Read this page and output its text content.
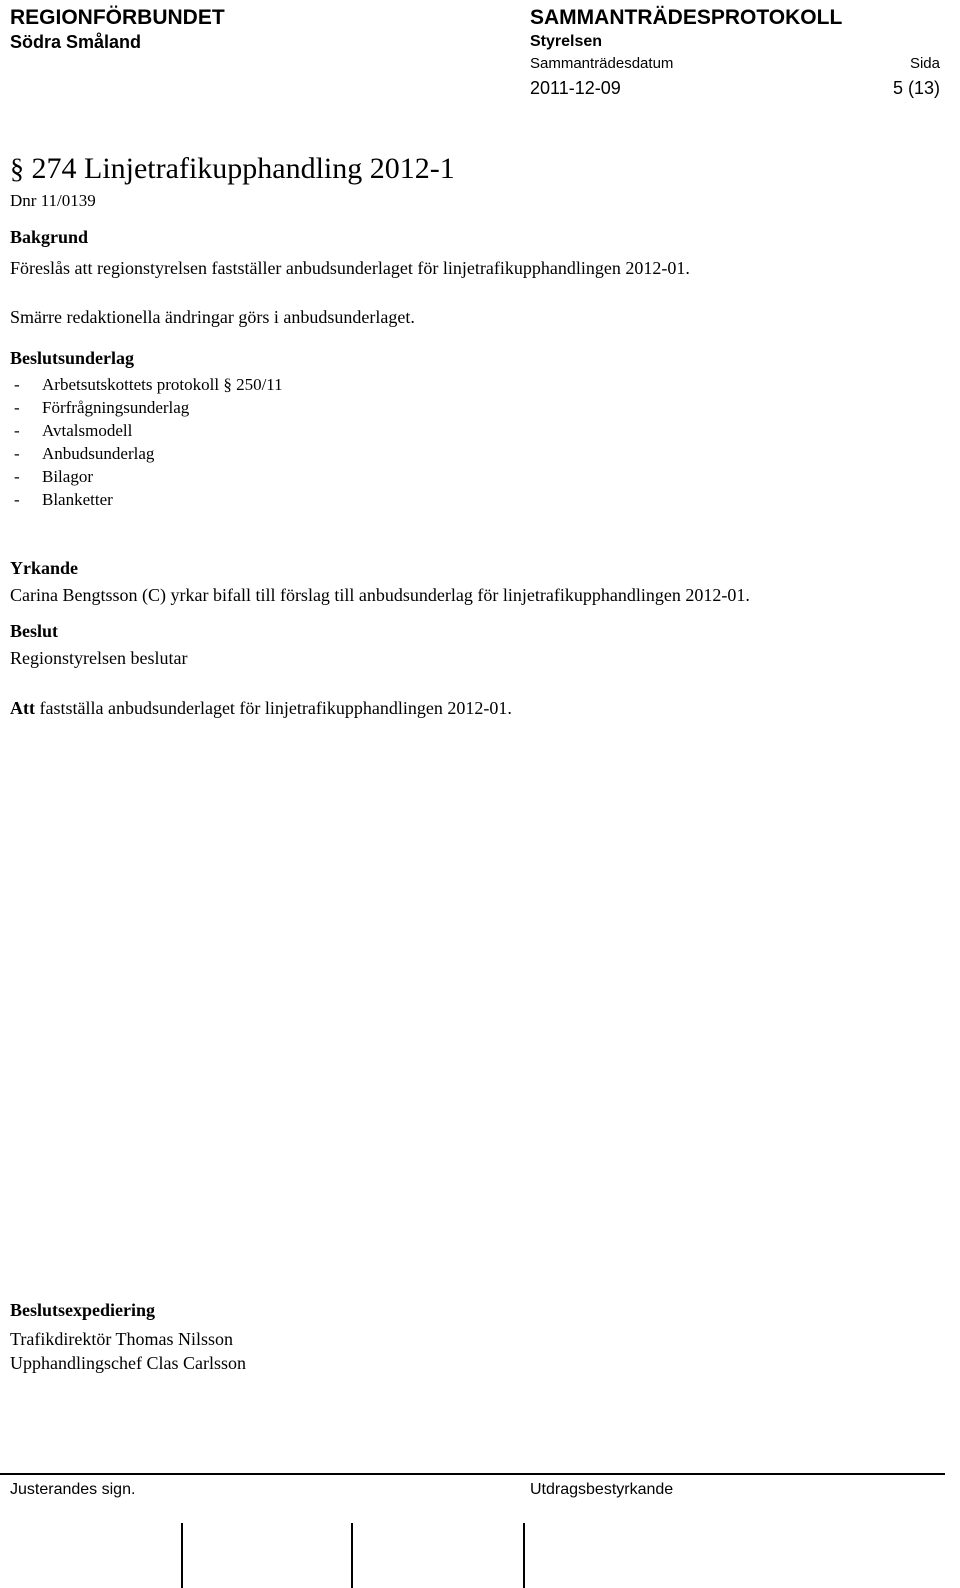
REGIONFÖRBUNDET
Södra Småland
SAMMANTRÄDESPROTOKOLL
Styrelsen
Sammanträdesdatum	Sida
2011-12-09	5 (13)
§ 274 Linjetrafikupphandling 2012-1
Dnr 11/0139
Bakgrund
Föreslås att regionstyrelsen fastställer anbudsunderlaget för linjetrafikupphandlingen 2012-01.
Smärre redaktionella ändringar görs i anbudsunderlaget.
Beslutsunderlag
-	Arbetsutskottets protokoll § 250/11
-	Förfrågningsunderlag
-	Avtalsmodell
-	Anbudsunderlag
-	Bilagor
-	Blanketter
Yrkande
Carina Bengtsson (C) yrkar bifall till förslag till anbudsunderlag för linjetrafikupphandlingen 2012-01.
Beslut
Regionstyrelsen beslutar
Att fastställa anbudsunderlaget för linjetrafikupphandlingen 2012-01.
Beslutsexpediering
Trafikdirektör Thomas Nilsson
Upphandlingschef Clas Carlsson
Justerandes sign.	Utdragsbestyrkande
